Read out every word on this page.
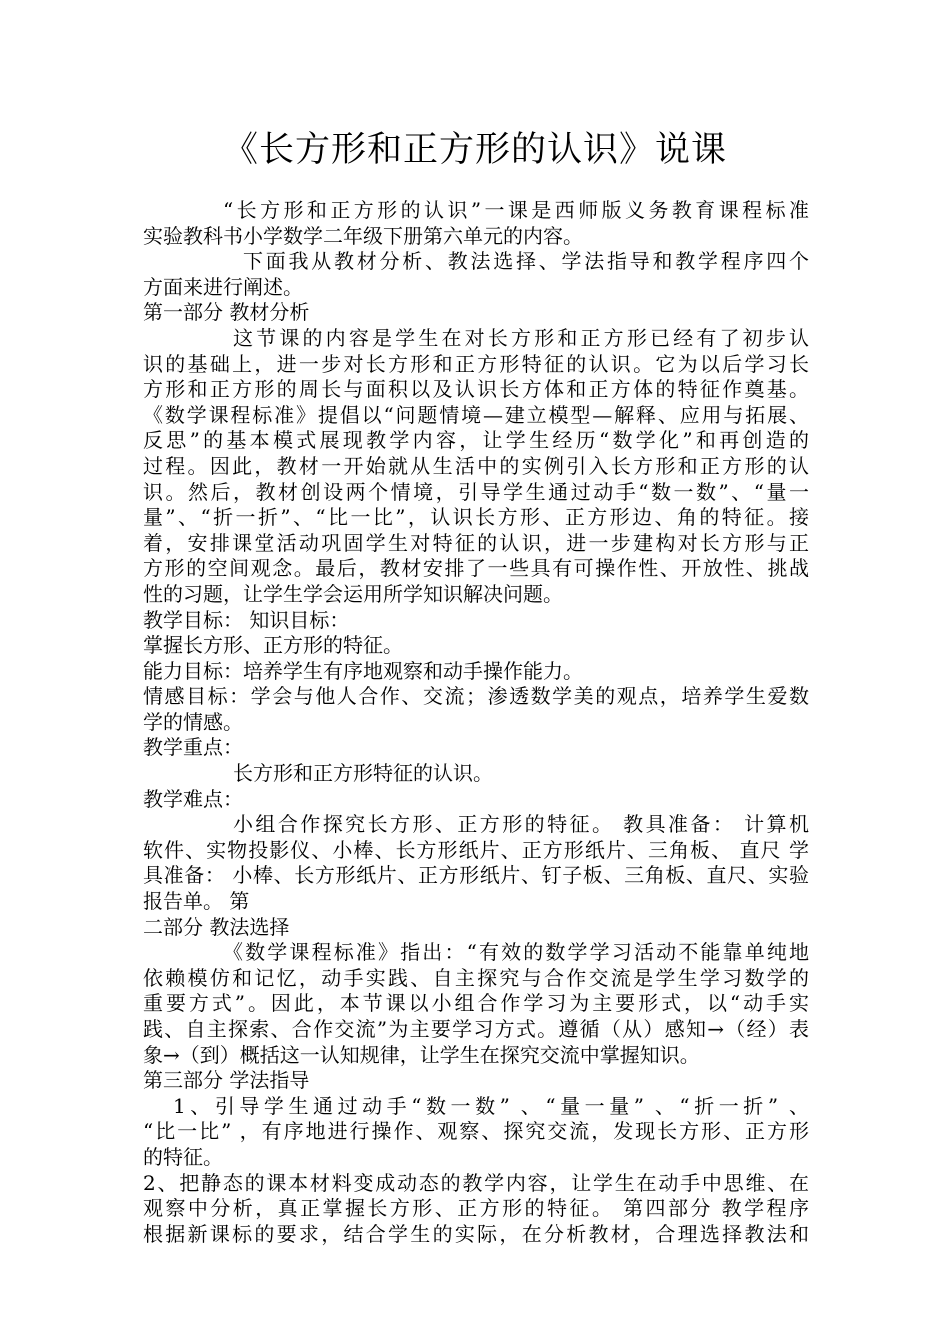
《长方形和正方形的认识》说课
“长方形和正方形的认识”一课是西师版义务教育课程标准
实验教科书小学数学二年级下册第六单元的内容。
下面我从教材分析、教法选择、学法指导和教学程序四个
方面来进行阐述。
第一部分 教材分析
这节课的内容是学生在对长方形和正方形已经有了初步认
识的基础上，进一步对长方形和正方形特征的认识。它为以后学习长
方形和正方形的周长与面积以及认识长方体和正方体的特征作奠基。
《数学课程标准》提倡以“问题情境—建立模型—解释、应用与拓展、
反思”的基本模式展现教学内容，让学生经历“数学化”和再创造的
过程。因此，教材一开始就从生活中的实例引入长方形和正方形的认
识。然后，教材创设两个情境，引导学生通过动手“数一数”、“量一
量”、“折一折”、“比一比”，认识长方形、正方形边、角的特征。接
着，安排课堂活动巩固学生对特征的认识，进一步建构对长方形与正
方形的空间观念。最后，教材安排了一些具有可操作性、开放性、挑战
性的习题，让学生学会运用所学知识解决问题。
教学目标： 知识目标：
掌握长方形、正方形的特征。
能力目标：培养学生有序地观察和动手操作能力。
情感目标：学会与他人合作、交流；渗透数学美的观点，培养学生爱数
学的情感。
教学重点：
长方形和正方形特征的认识。
教学难点：
小组合作探究长方形、正方形的特征。 教具准备： 计算机
软件、实物投影仪、小棒、长方形纸片、正方形纸片、三角板、 直尺 学
具准备： 小棒、长方形纸片、正方形纸片、钉子板、三角板、直尺、实验
报告单。 第
二部分 教法选择
《数学课程标准》指出：“有效的数学学习活动不能靠单纯地
依赖模仿和记忆，动手实践、自主探究与合作交流是学生学习数学的
重要方式”。因此，本节课以小组合作学习为主要形式，以“动手实
践、自主探索、合作交流”为主要学习方式。遵循（从）感知→（经）表
象→（到）概括这一认知规律，让学生在探究交流中掌握知识。
第三部分 学法指导
1、引导学生通过动手“数一数” 、“量一量” 、“折一折” 、
“比一比” ，有序地进行操作、观察、探究交流，发现长方形、正方形
的特征。
2、把静态的课本材料变成动态的教学内容，让学生在动手中思维、在
观察中分析，真正掌握长方形、正方形的特征。 第四部分 教学程序
根据新课标的要求，结合学生的实际，在分析教材，合理选择教法和
